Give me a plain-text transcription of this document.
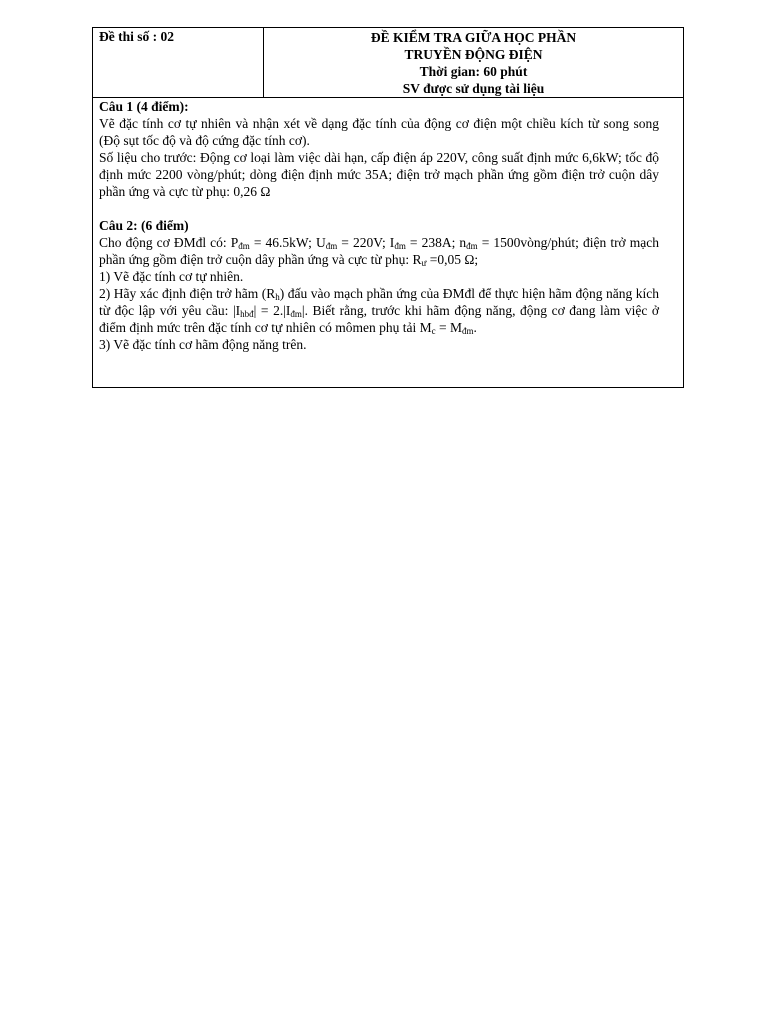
Đề thi số : 02	ĐỀ KIỂM TRA GIỮA HỌC PHẦN
TRUYỀN ĐỘNG ĐIỆN
Thời gian: 60 phút
SV được sử dụng tài liệu
Câu 1 (4 điểm):
Vẽ đặc tính cơ tự nhiên và nhận xét về dạng đặc tính của động cơ điện một chiều kích từ song song (Độ sụt tốc độ và độ cứng đặc tính cơ).
Số liệu cho trước: Động cơ loại làm việc dài hạn, cấp điện áp 220V, công suất định mức 6,6kW; tốc độ định mức 2200 vòng/phút; dòng điện định mức 35A; điện trở mạch phần ứng gồm điện trở cuộn dây phần ứng và cực từ phụ: 0,26 Ω
Câu 2: (6 điểm)
Cho động cơ ĐMđl có: $P_{đm} = 46.5kW$; $U_{đm} = 220V$; $I_{đm} = 238A$; $n_{đm}$ = 1500vòng/phút; điện trở mạch phần ứng gồm điện trở cuộn dây phần ứng và cực từ phụ: $R_ư =0,05$ Ω;
1) Vẽ đặc tính cơ tự nhiên.
2) Hãy xác định điện trở hãm $(R_h)$ đấu vào mạch phần ứng của ĐMđl để thực hiện hãm động năng kích từ độc lập với yêu cầu: $|I_{hbđ}| = 2.|I_{đm}|$. Biết rằng, trước khi hãm động năng, động cơ đang làm việc ở điểm định mức trên đặc tính cơ tự nhiên có mômen phụ tải $M_c = M_{đm}$.
3) Vẽ đặc tính cơ hãm động năng trên.
